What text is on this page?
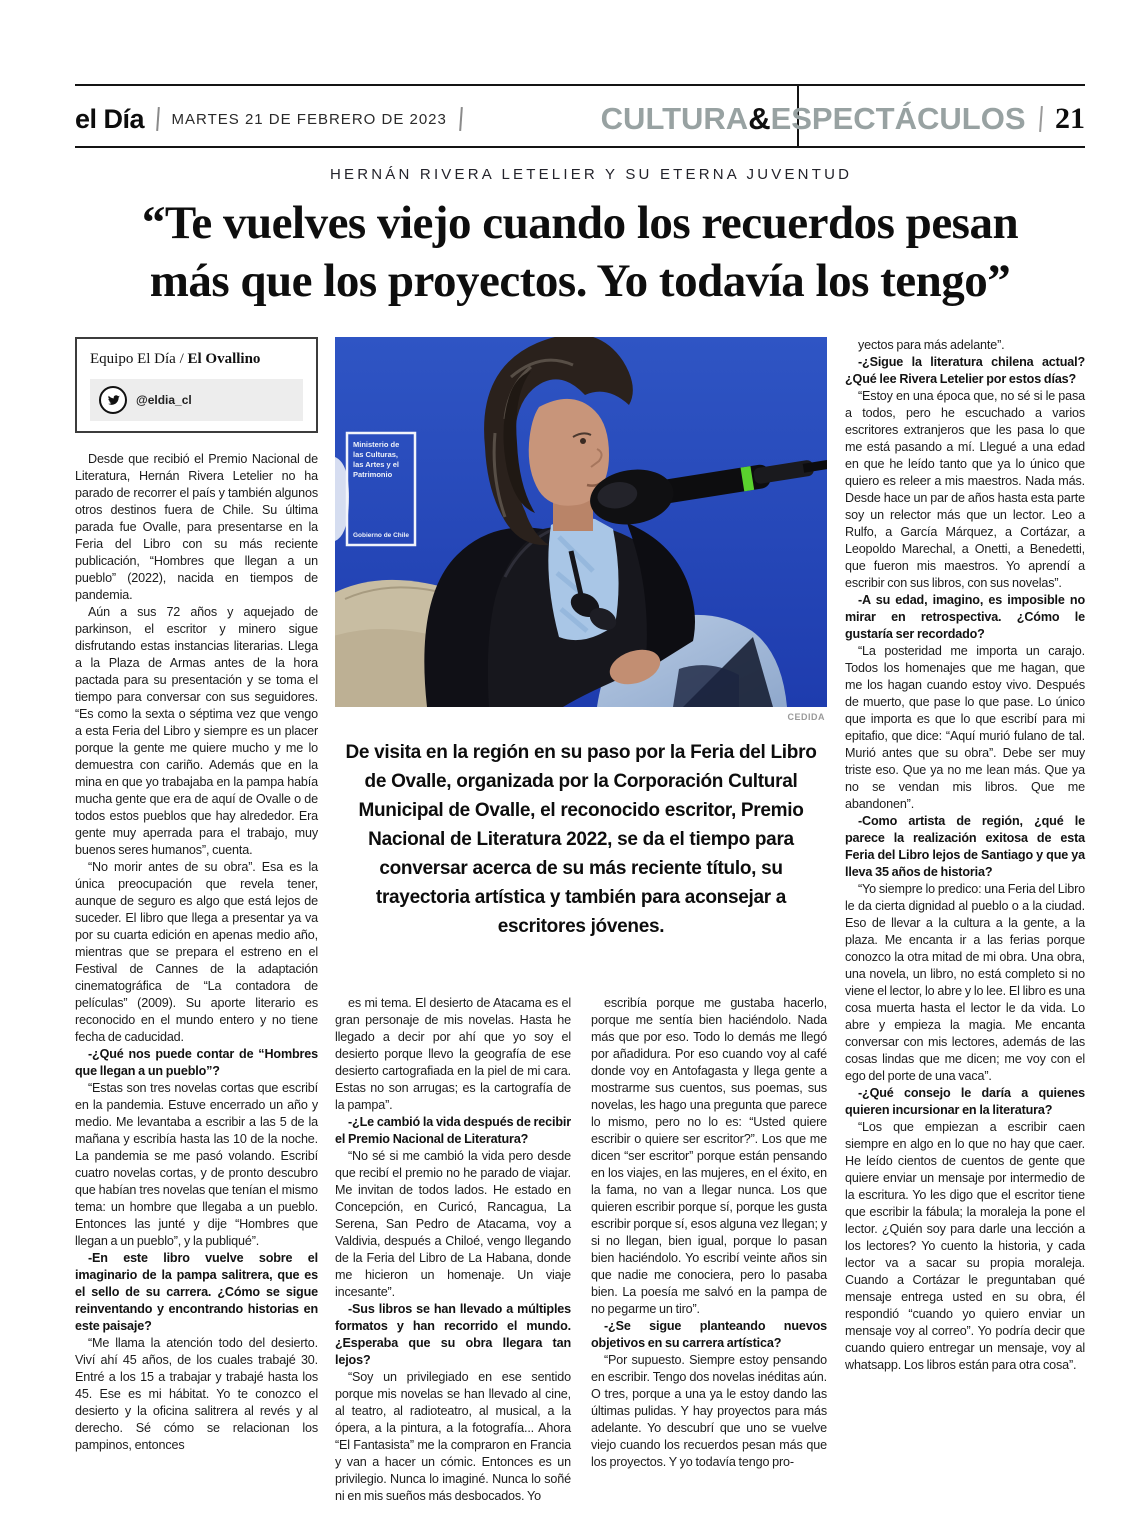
el Día MARTES 21 DE FEBRERO DE 2023	CULTURA&ESPECTÁCULOS 21
HERNÁN RIVERA LETELIER Y SU ETERNA JUVENTUD
“Te vuelves viejo cuando los recuerdos pesan
más que los proyectos. Yo todavía los tengo”
Equipo El Día / El Ovallino
@eldia_cl

Desde que recibió el Premio Nacional de Literatura, Hernán Rivera Letelier no ha parado de recorrer el país y también algunos otros destinos fuera de Chile. Su última parada fue Ovalle, para presentarse en la Feria del Libro con su más reciente publicación, “Hombres que llegan a un pueblo” (2022), nacida en tiempos de pandemia.

Aún a sus 72 años y aquejado de parkinson, el escritor y minero sigue disfrutando estas instancias literarias. Llega a la Plaza de Armas antes de la hora pactada para su presentación y se toma el tiempo para conversar con sus seguidores. “Es como la sexta o séptima vez que vengo a esta Feria del Libro y siempre es un placer porque la gente me quiere mucho y me lo demuestra con cariño. Además que en la mina en que yo trabajaba en la pampa había mucha gente que era de aquí de Ovalle o de todos estos pueblos que hay alrededor. Era gente muy aperrada para el trabajo, muy buenos seres humanos”, cuenta.

“No morir antes de su obra”. Esa es la única preocupación que revela tener, aunque de seguro es algo que está lejos de suceder. El libro que llega a presentar ya va por su cuarta edición en apenas medio año, mientras que se prepara el estreno en el Festival de Cannes de la adaptación cinematográfica de “La contadora de películas” (2009). Su aporte literario es reconocido en el mundo entero y no tiene fecha de caducidad.

-¿Qué nos puede contar de “Hombres que llegan a un pueblo”?

“Estas son tres novelas cortas que escribí en la pandemia. Estuve encerrado un año y medio. Me levantaba a escribir a las 5 de la mañana y escribía hasta las 10 de la noche. La pandemia se me pasó volando. Escribí cuatro novelas cortas, y de pronto descubro que habían tres novelas que tenían el mismo tema: un hombre que llegaba a un pueblo. Entonces las junté y dije “Hombres que llegan a un pueblo”, y la publiqué”.

-En este libro vuelve sobre el imaginario de la pampa salitrera, que es el sello de su carrera. ¿Cómo se sigue reinventando y encontrando historias en este paisaje?

“Me llama la atención todo del desierto. Viví ahí 45 años, de los cuales trabajé 30. Entré a los 15 a trabajar y trabajé hasta los 45. Ese es mi hábitat. Yo te conozco el desierto y la oficina salitrera al revés y al derecho. Sé cómo se relacionan los pampinos, entonces

Ministerio de
las Culturas,
las Artes y el
Patrimonio
Gobierno de Chile
CEDIDA
De visita en la región en su paso por la Feria del Libro de Ovalle, organizada por la Corporación Cultural Municipal de Ovalle, el reconocido escritor, Premio Nacional de Literatura 2022, se da el tiempo para conversar acerca de su más reciente título, su trayectoria artística y también para aconsejar a escritores jóvenes.

es mi tema. El desierto de Atacama es el gran personaje de mis novelas. Hasta he llegado a decir por ahí que yo soy el desierto porque llevo la geografía de ese desierto cartografiada en la piel de mi cara. Estas no son arrugas; es la cartografía de la pampa”.

-¿Le cambió la vida después de recibir el Premio Nacional de Literatura?

“No sé si me cambió la vida pero desde que recibí el premio no he parado de viajar. Me invitan de todos lados. He estado en Concepción, en Curicó, Rancagua, La Serena, San Pedro de Atacama, voy a Valdivia, después a Chiloé, vengo llegando de la Feria del Libro de La Habana, donde me hicieron un homenaje. Un viaje incesante”.

-Sus libros se han llevado a múltiples formatos y han recorrido el mundo. ¿Esperaba que su obra llegara tan lejos?

“Soy un privilegiado en ese sentido porque mis novelas se han llevado al cine, al teatro, al radioteatro, al musical, a la ópera, a la pintura, a la fotografía... Ahora “El Fantasista” me la compraron en Francia y van a hacer un cómic. Entonces es un privilegio. Nunca lo imaginé. Nunca lo soñé ni en mis sueños más desbocados. Yo

escribía porque me gustaba hacerlo, porque me sentía bien haciéndolo. Nada más que por eso. Todo lo demás me llegó por añadidura. Por eso cuando voy al café donde voy en Antofagasta y llega gente a mostrarme sus cuentos, sus poemas, sus novelas, les hago una pregunta que parece lo mismo, pero no lo es: “Usted quiere escribir o quiere ser escritor?”. Los que me dicen “ser escritor” porque están pensando en los viajes, en las mujeres, en el éxito, en la fama, no van a llegar nunca. Los que quieren escribir porque sí, porque les gusta escribir porque sí, esos alguna vez llegan; y si no llegan, bien igual, porque lo pasan bien haciéndolo. Yo escribí veinte años sin que nadie me conociera, pero lo pasaba bien. La poesía me salvó en la pampa de no pegarme un tiro”.

-¿Se sigue planteando nuevos objetivos en su carrera artística?

“Por supuesto. Siempre estoy pensando en escribir. Tengo dos novelas inéditas aún. O tres, porque a una ya le estoy dando las últimas pulidas. Y hay proyectos para más adelante. Yo descubrí que uno se vuelve viejo cuando los recuerdos pesan más que los proyectos. Y yo todavía tengo pro-

yectos para más adelante”.

-¿Sigue la literatura chilena actual? ¿Qué lee Rivera Letelier por estos días?

“Estoy en una época que, no sé si le pasa a todos, pero he escuchado a varios escritores extranjeros que les pasa lo que me está pasando a mí. Llegué a una edad en que he leído tanto que ya lo único que quiero es releer a mis maestros. Nada más. Desde hace un par de años hasta esta parte soy un relector más que un lector. Leo a Rulfo, a García Márquez, a Cortázar, a Leopoldo Marechal, a Onetti, a Benedetti, que fueron mis maestros. Yo aprendí a escribir con sus libros, con sus novelas”.

-A su edad, imagino, es imposible no mirar en retrospectiva. ¿Cómo le gustaría ser recordado?

“La posteridad me importa un carajo. Todos los homenajes que me hagan, que me los hagan cuando estoy vivo. Después de muerto, que pase lo que pase. Lo único que importa es que lo que escribí para mi epitafio, que dice: “Aquí murió fulano de tal. Murió antes que su obra”. Debe ser muy triste eso. Que ya no me lean más. Que ya no se vendan mis libros. Que me abandonen”.

-Como artista de región, ¿qué le parece la realización exitosa de esta Feria del Libro lejos de Santiago y que ya lleva 35 años de historia?

“Yo siempre lo predico: una Feria del Libro le da cierta dignidad al pueblo o a la ciudad. Eso de llevar a la cultura a la gente, a la plaza. Me encanta ir a las ferias porque conozco la otra mitad de mi obra. Una obra, una novela, un libro, no está completo si no viene el lector, lo abre y lo lee. El libro es una cosa muerta hasta el lector le da vida. Lo abre y empieza la magia. Me encanta conversar con mis lectores, además de las cosas lindas que me dicen; me voy con el ego del porte de una vaca”.

-¿Qué consejo le daría a quienes quieren incursionar en la literatura?

“Los que empiezan a escribir caen siempre en algo en lo que no hay que caer. He leído cientos de cuentos de gente que quiere enviar un mensaje por intermedio de la escritura. Yo les digo que el escritor tiene que escribir la fábula; la moraleja la pone el lector. ¿Quién soy para darle una lección a los lectores? Yo cuento la historia, y cada lector va a sacar su propia moraleja. Cuando a Cortázar le preguntaban qué mensaje entrega usted en su obra, él respondió “cuando yo quiero enviar un mensaje voy al correo”. Yo podría decir que cuando quiero entregar un mensaje, voy al whatsapp. Los libros están para otra cosa”.
